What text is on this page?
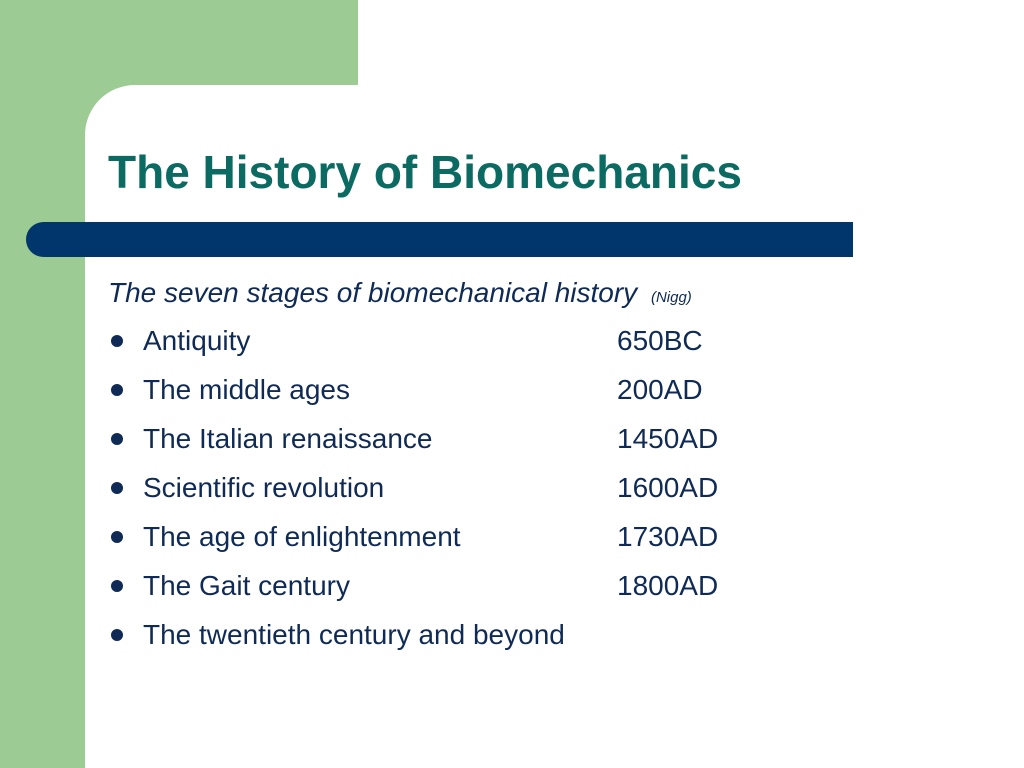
The History of Biomechanics
The seven stages of biomechanical history (Nigg)
Antiquity	650BC
The middle ages	200AD
The Italian renaissance	1450AD
Scientific revolution	1600AD
The age of enlightenment	1730AD
The Gait century	1800AD
The twentieth century and beyond
